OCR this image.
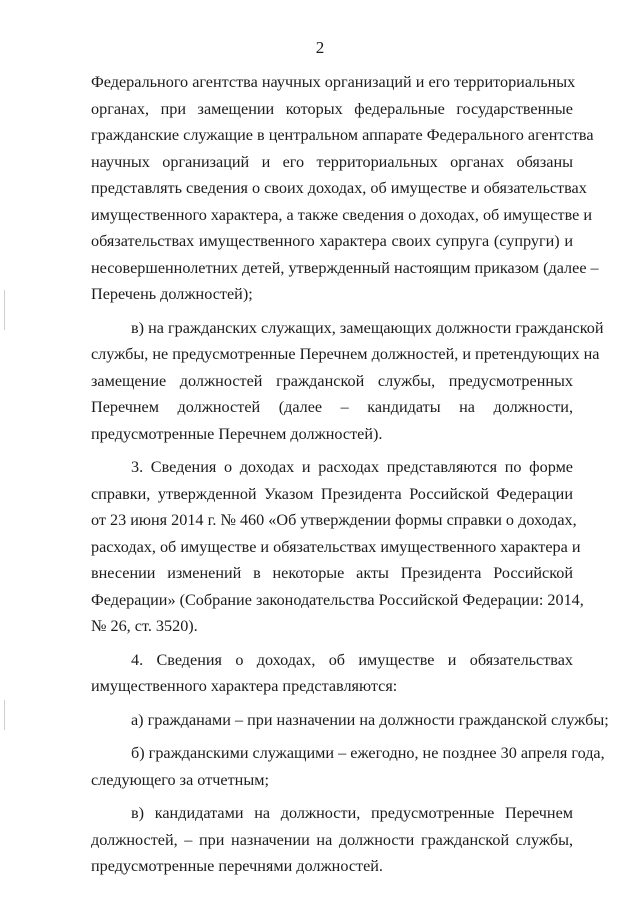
2
Федерального агентства научных организаций и его территориальных
органах, при замещении которых федеральные государственные
гражданские служащие в центральном аппарате Федерального агентства
научных организаций и его территориальных органах обязаны
представлять сведения о своих доходах, об имуществе и обязательствах
имущественного характера, а также сведения о доходах, об имуществе и
обязательствах имущественного характера своих супруга (супруги) и
несовершеннолетних детей, утвержденный настоящим приказом (далее –
Перечень должностей);
в) на гражданских служащих, замещающих должности гражданской
службы, не предусмотренные Перечнем должностей, и претендующих на
замещение должностей гражданской службы, предусмотренных
Перечнем должностей (далее – кандидаты на должности,
предусмотренные Перечнем должностей).
3. Сведения о доходах и расходах представляются по форме
справки, утвержденной Указом Президента Российской Федерации
от 23 июня 2014 г. № 460 «Об утверждении формы справки о доходах,
расходах, об имуществе и обязательствах имущественного характера и
внесении изменений в некоторые акты Президента Российской
Федерации» (Собрание законодательства Российской Федерации: 2014,
№ 26, ст. 3520).
4. Сведения о доходах, об имуществе и обязательствах
имущественного характера представляются:
а) гражданами – при назначении на должности гражданской службы;
б) гражданскими служащими – ежегодно, не позднее 30 апреля года,
следующего за отчетным;
в) кандидатами на должности, предусмотренные Перечнем
должностей, – при назначении на должности гражданской службы,
предусмотренные перечнями должностей.
